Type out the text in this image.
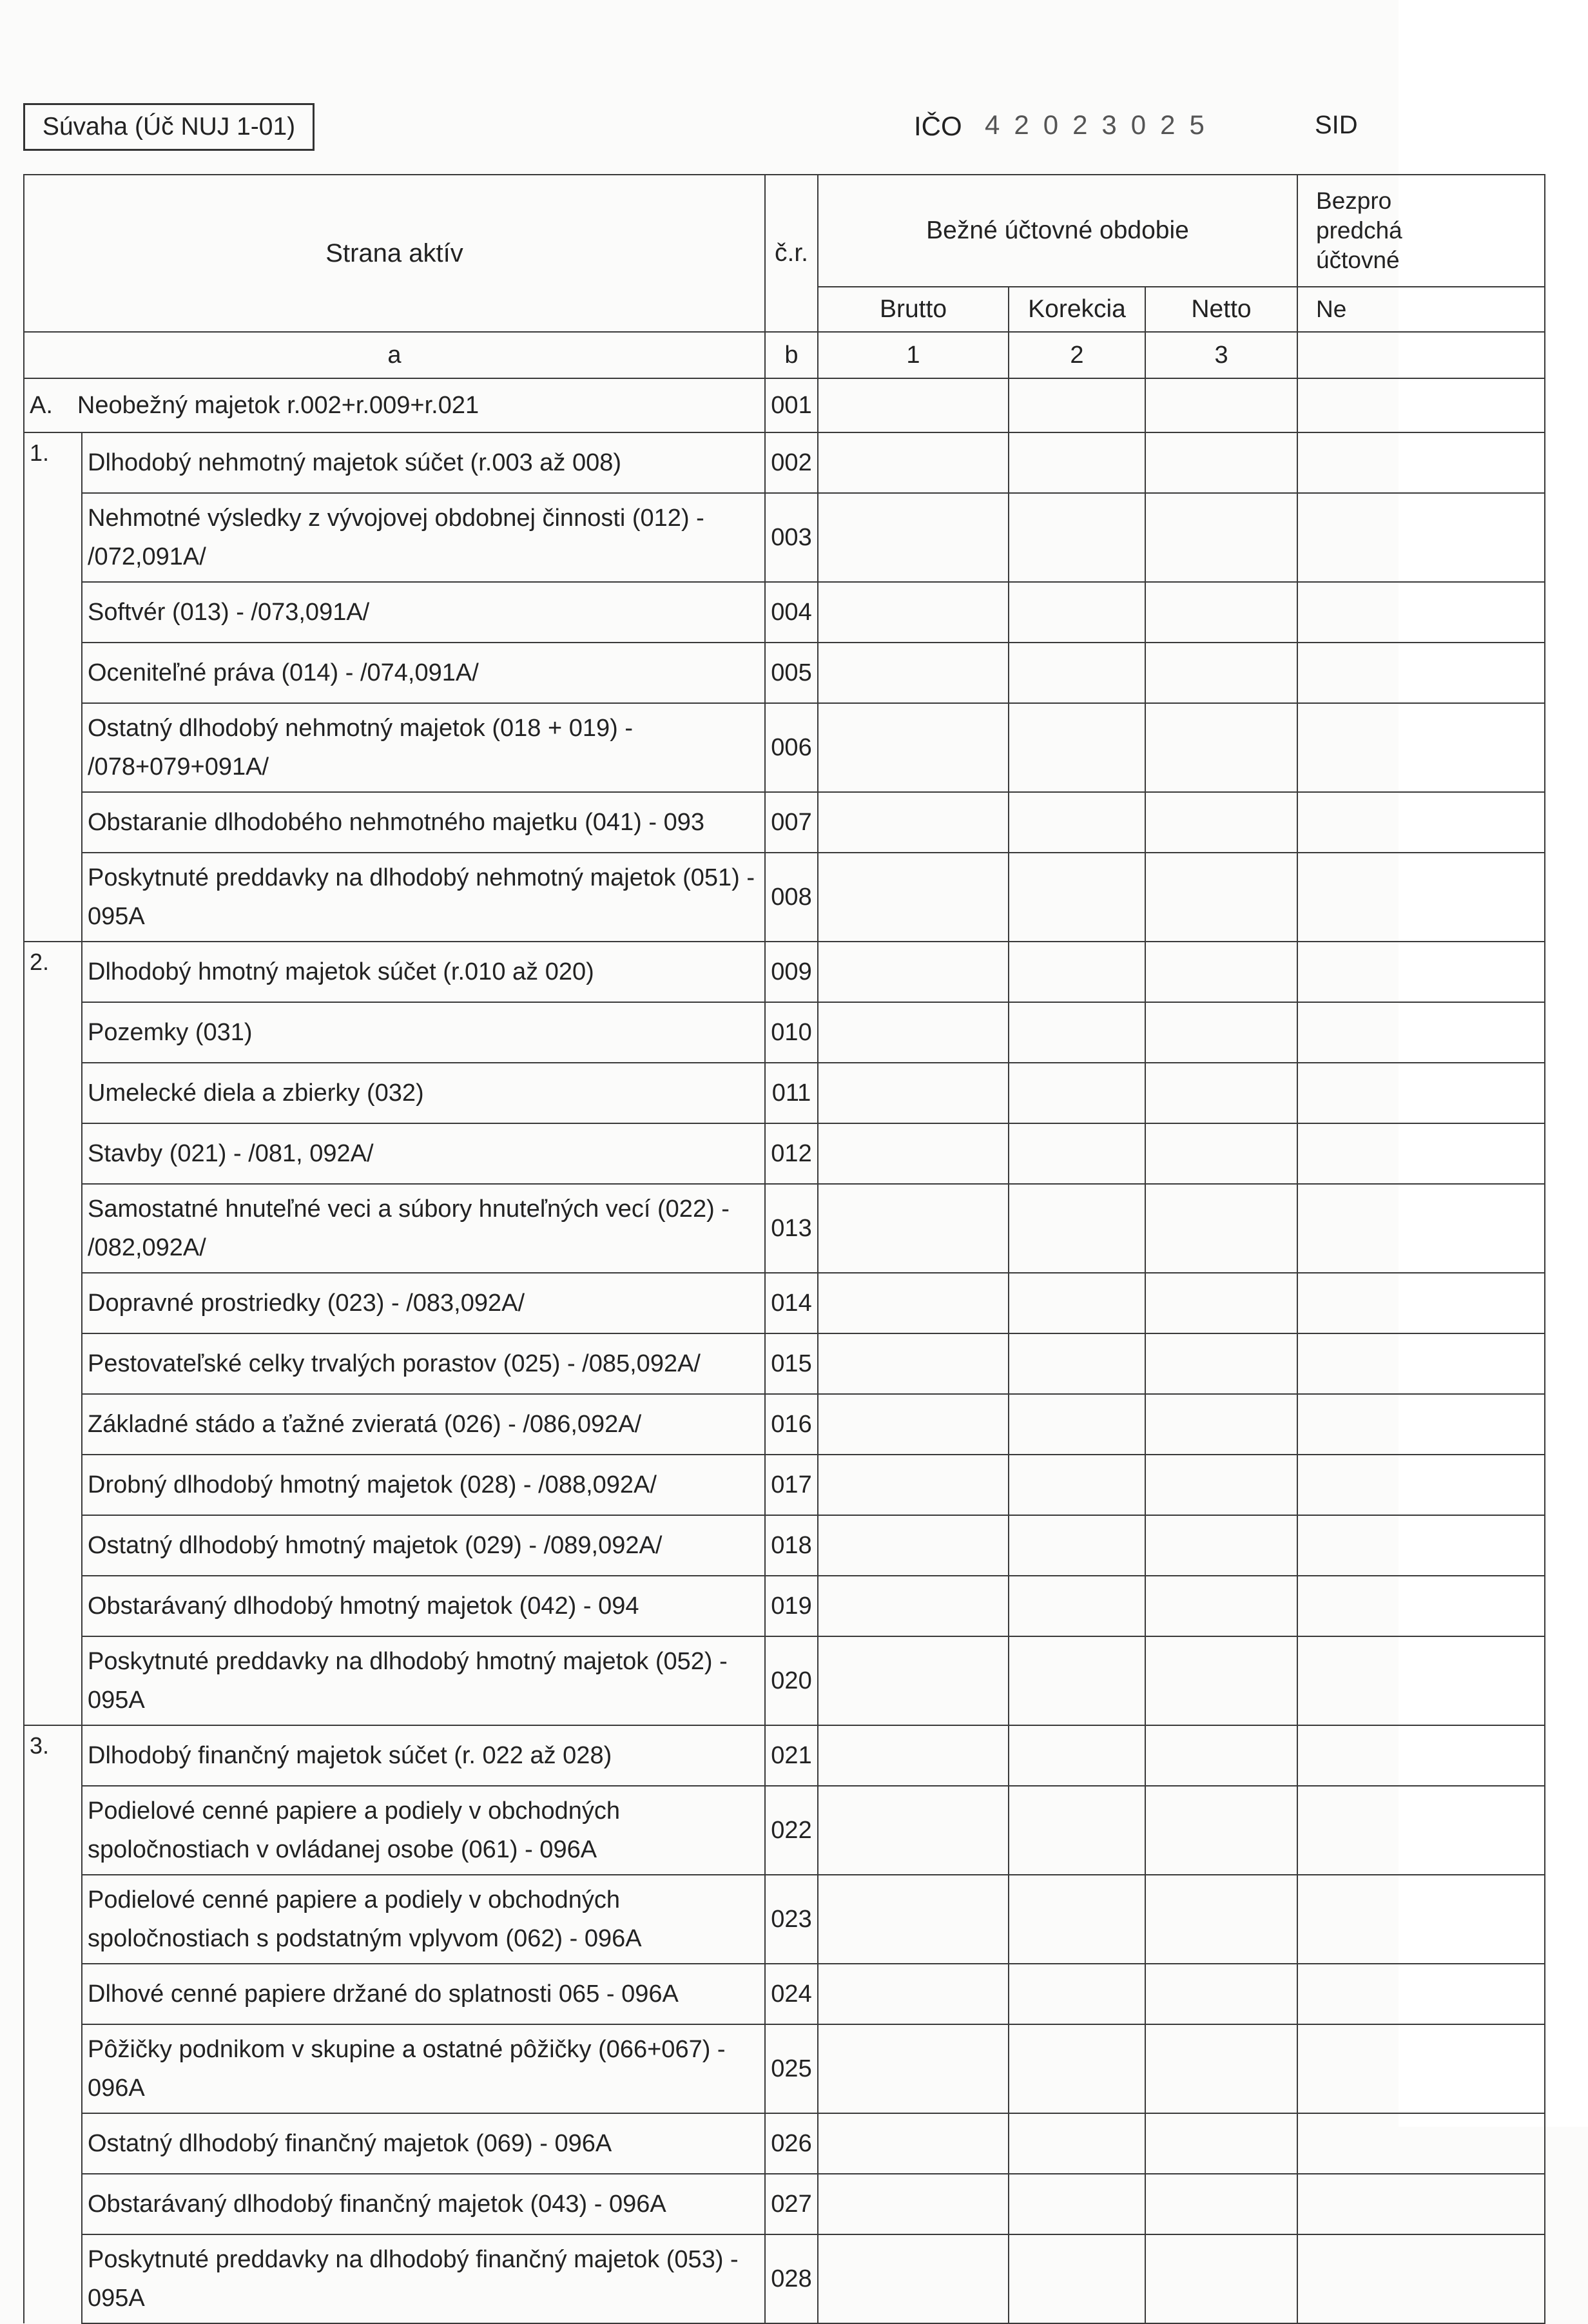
Súvaha (Úč NUJ 1-01)	IČO 42023025	SID
Strana aktív		č.r.	Bežné účtovné obdobie			Bezpro
predchá
účtovné
			Brutto	Korekcia	Netto	Ne
a		b	1	2	3	
A. Neobežný majetok r.002+r.009+r.021		001				
1.	Dlhodobý nehmotný majetok súčet (r.003 až 008)	002				
	Nehmotné výsledky z vývojovej obdobnej činnosti (012) - /072,091A/	003				
	Softvér (013) - /073,091A/	004				
	Oceniteľné práva (014) - /074,091A/	005				
	Ostatný dlhodobý nehmotný majetok (018 + 019) - /078+079+091A/	006				
	Obstaranie dlhodobého nehmotného majetku (041) - 093	007				
	Poskytnuté preddavky na dlhodobý nehmotný majetok (051) - 095A	008				
2.	Dlhodobý hmotný majetok súčet (r.010 až 020)	009				
	Pozemky (031)	010				
	Umelecké diela a zbierky (032)	011				
	Stavby (021) - /081, 092A/	012				
	Samostatné hnuteľné veci a súbory hnuteľných vecí (022) - /082,092A/	013				
	Dopravné prostriedky (023) - /083,092A/	014				
	Pestovateľské celky trvalých porastov (025) - /085,092A/	015				
	Základné stádo a ťažné zvieratá (026) - /086,092A/	016				
	Drobný dlhodobý hmotný majetok (028) - /088,092A/	017				
	Ostatný dlhodobý hmotný majetok (029) - /089,092A/	018				
	Obstarávaný dlhodobý hmotný majetok (042) - 094	019				
	Poskytnuté preddavky na dlhodobý hmotný majetok (052) - 095A	020				
3.	Dlhodobý finančný majetok súčet (r. 022 až 028)	021				
	Podielové cenné papiere a podiely v obchodných spoločnostiach v ovládanej osobe (061) - 096A	022				
	Podielové cenné papiere a podiely v obchodných spoločnostiach s podstatným vplyvom (062) - 096A	023				
	Dlhové cenné papiere držané do splatnosti 065 - 096A	024				
	Pôžičky podnikom v skupine a ostatné pôžičky (066+067) - 096A	025				
	Ostatný dlhodobý finančný majetok (069) - 096A	026				
	Obstarávaný dlhodobý finančný majetok (043) - 096A	027				
	Poskytnuté preddavky na dlhodobý finančný majetok (053) - 095A	028				
